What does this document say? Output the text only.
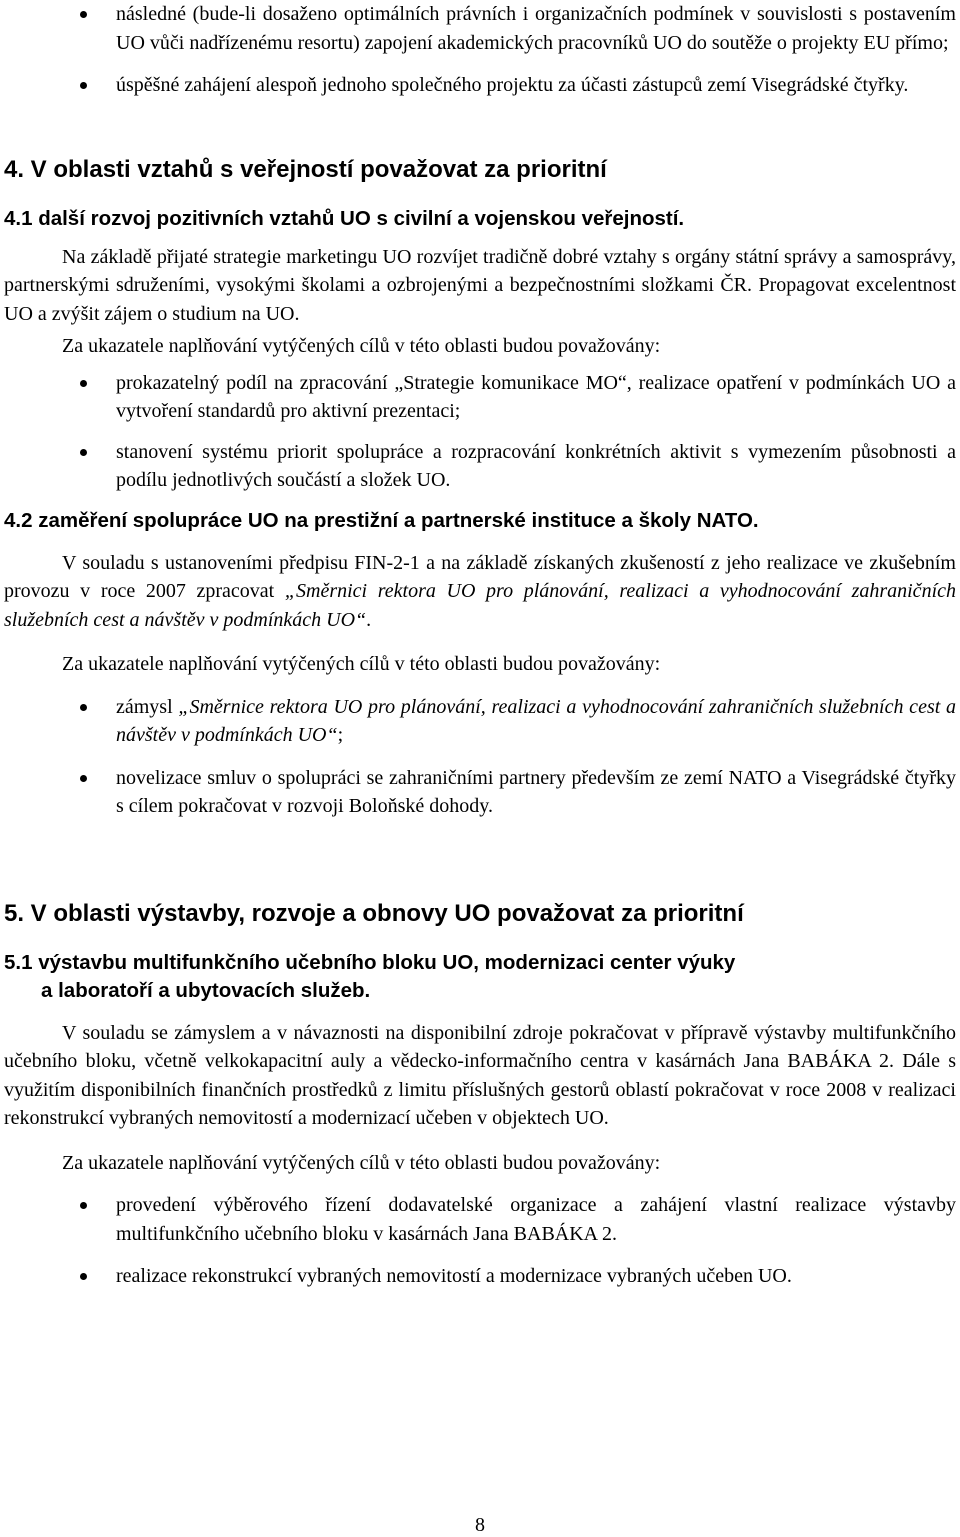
následné (bude-li dosaženo optimálních právních i organizačních podmínek v souvislosti s postavením UO vůči nadřízenému resortu) zapojení akademických pracovníků UO do soutěže o projekty EU přímo;
úspěšné zahájení alespoň jednoho společného projektu za účasti zástupců zemí Visegrádské čtyřky.
4. V oblasti vztahů s veřejností považovat za prioritní
4.1 další rozvoj pozitivních vztahů UO s civilní a vojenskou veřejností.

Na základě přijaté strategie marketingu UO rozvíjet tradičně dobré vztahy s orgány státní správy a samosprávy, partnerskými sdruženími, vysokými školami a ozbrojenými a bezpečnostními složkami ČR. Propagovat excelentnost UO a zvýšit zájem o studium na UO.

Za ukazatele naplňování vytýčených cílů v této oblasti budou považovány:

prokazatelný podíl na zpracování „Strategie komunikace MO“, realizace opatření v podmínkách UO a vytvoření standardů pro aktivní prezentaci;
stanovení systému priorit spolupráce a rozpracování konkrétních aktivit s vymezením působnosti a podílu jednotlivých součástí a složek UO.
4.2 zaměření spolupráce UO na prestižní a partnerské instituce a školy NATO.

V souladu s ustanoveními předpisu FIN-2-1 a na základě získaných zkušeností z jeho realizace ve zkušebním provozu v roce 2007 zpracovat „Směrnici rektora UO pro plánování, realizaci a vyhodnocování zahraničních služebních cest a návštěv v podmínkách UO“.

Za ukazatele naplňování vytýčených cílů v této oblasti budou považovány:

zámysl „Směrnice rektora UO pro plánování, realizaci a vyhodnocování zahraničních služebních cest a návštěv v podmínkách UO“;
novelizace smluv o spolupráci se zahraničními partnery především ze zemí NATO a Visegrádské čtyřky s cílem pokračovat v rozvoji Boloňské dohody.
5. V oblasti výstavby, rozvoje a obnovy UO považovat za prioritní
5.1 výstavbu multifunkčního učebního bloku UO, modernizaci center výuky
a laboratoří a ubytovacích služeb.

V souladu se zámyslem a v návaznosti na disponibilní zdroje pokračovat v přípravě výstavby multifunkčního učebního bloku, včetně velkokapacitní auly a vědecko-informačního centra v kasárnách Jana BABÁKA 2. Dále s využitím disponibilních finančních prostředků z limitu příslušných gestorů oblastí pokračovat v roce 2008 v realizaci rekonstrukcí vybraných nemovitostí a modernizací učeben v objektech UO.

Za ukazatele naplňování vytýčených cílů v této oblasti budou považovány:

provedení výběrového řízení dodavatelské organizace a zahájení vlastní realizace výstavby multifunkčního učebního bloku v kasárnách Jana BABÁKA 2.
realizace rekonstrukcí vybraných nemovitostí a modernizace vybraných učeben UO.
8
